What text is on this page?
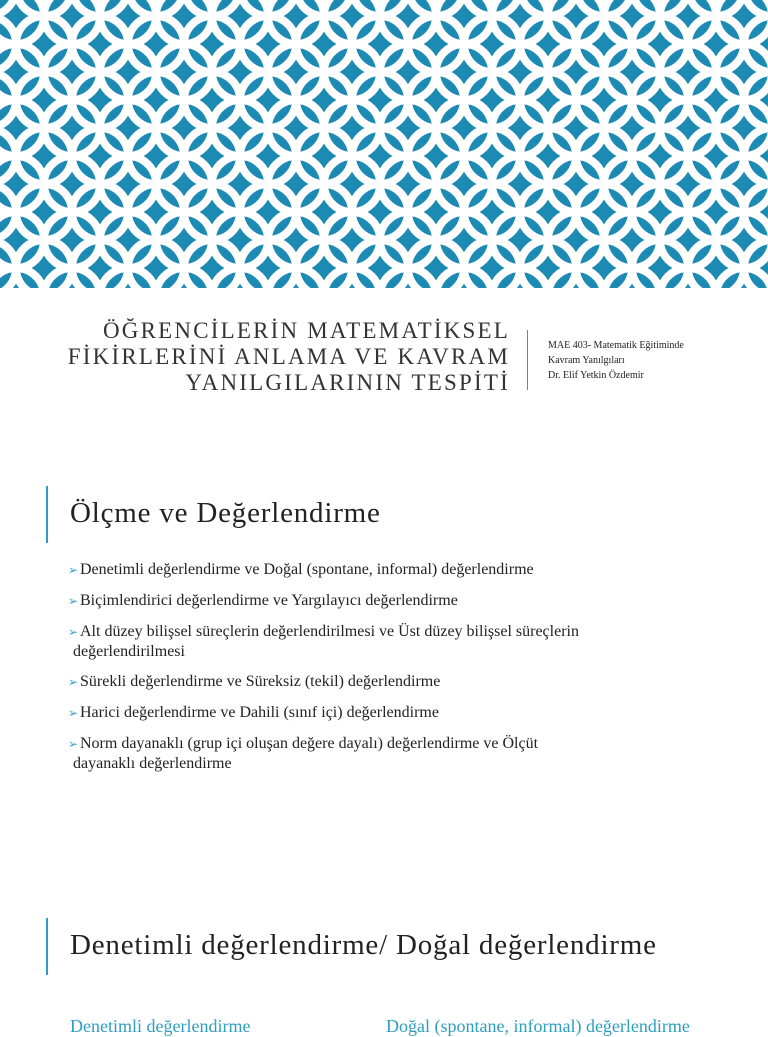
ÖĞRENCİLERİN MATEMATİKSEL
FİKİRLERİNİ ANLAMA VE KAVRAM
YANILGILARININ TESPİTİ
MAE 403- Matematik Eğitiminde
Kavram Yanılgıları
Dr. Elif Yetkin Özdemir
Ölçme ve Değerlendirme
➢ Denetimli değerlendirme ve Doğal (spontane, informal) değerlendirme
➢ Biçimlendirici değerlendirme ve Yargılayıcı değerlendirme
➢ Alt düzey bilişsel süreçlerin değerlendirilmesi ve Üst düzey bilişsel süreçlerin
değerlendirilmesi
➢ Sürekli değerlendirme ve Süreksiz (tekil) değerlendirme
➢ Harici değerlendirme ve Dahili (sınıf içi) değerlendirme
➢ Norm dayanaklı (grup içi oluşan değere dayalı) değerlendirme ve Ölçüt
dayanaklı değerlendirme
Denetimli değerlendirme/ Doğal değerlendirme
Denetimli değerlendirme	Doğal (spontane, informal) değerlendirme
